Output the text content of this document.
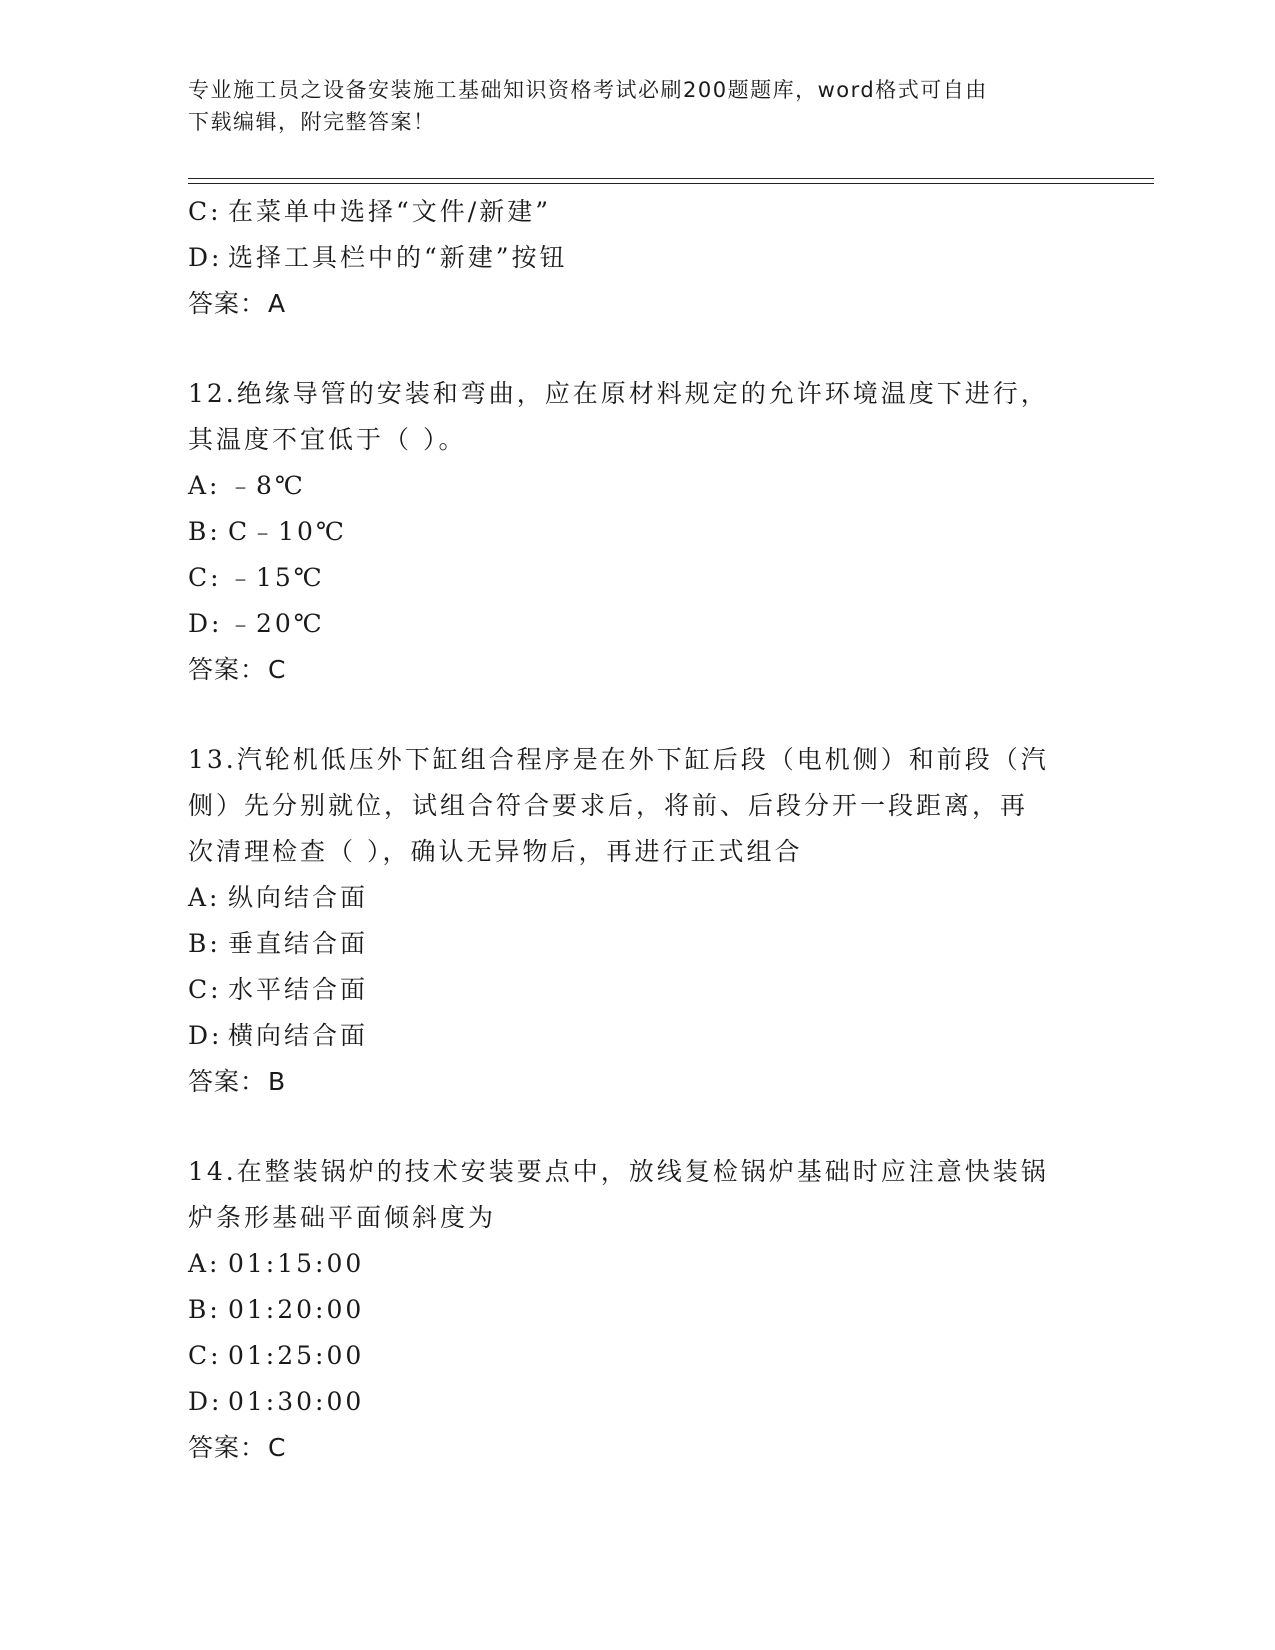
专业施工员之设备安装施工基础知识资格考试必刷200题题库，word格式可自由
下载编辑，附完整答案！
C: 在菜单中选择“文件/新建”
D: 选择工具栏中的“新建”按钮
答案：A
12.绝缘导管的安装和弯曲，应在原材料规定的允许环境温度下进行，
其温度不宜低于（ ）。
A: ﹣8℃
B: C﹣10℃
C: ﹣15℃
D: ﹣20℃
答案：C
13.汽轮机低压外下缸组合程序是在外下缸后段（电机侧）和前段（汽
侧）先分别就位，试组合符合要求后，将前、后段分开一段距离，再
次清理检查（ ），确认无异物后，再进行正式组合
A: 纵向结合面
B: 垂直结合面
C: 水平结合面
D: 横向结合面
答案：B
14.在整装锅炉的技术安装要点中，放线复检锅炉基础时应注意快装锅
炉条形基础平面倾斜度为
A: 01:15:00
B: 01:20:00
C: 01:25:00
D: 01:30:00
答案：C
